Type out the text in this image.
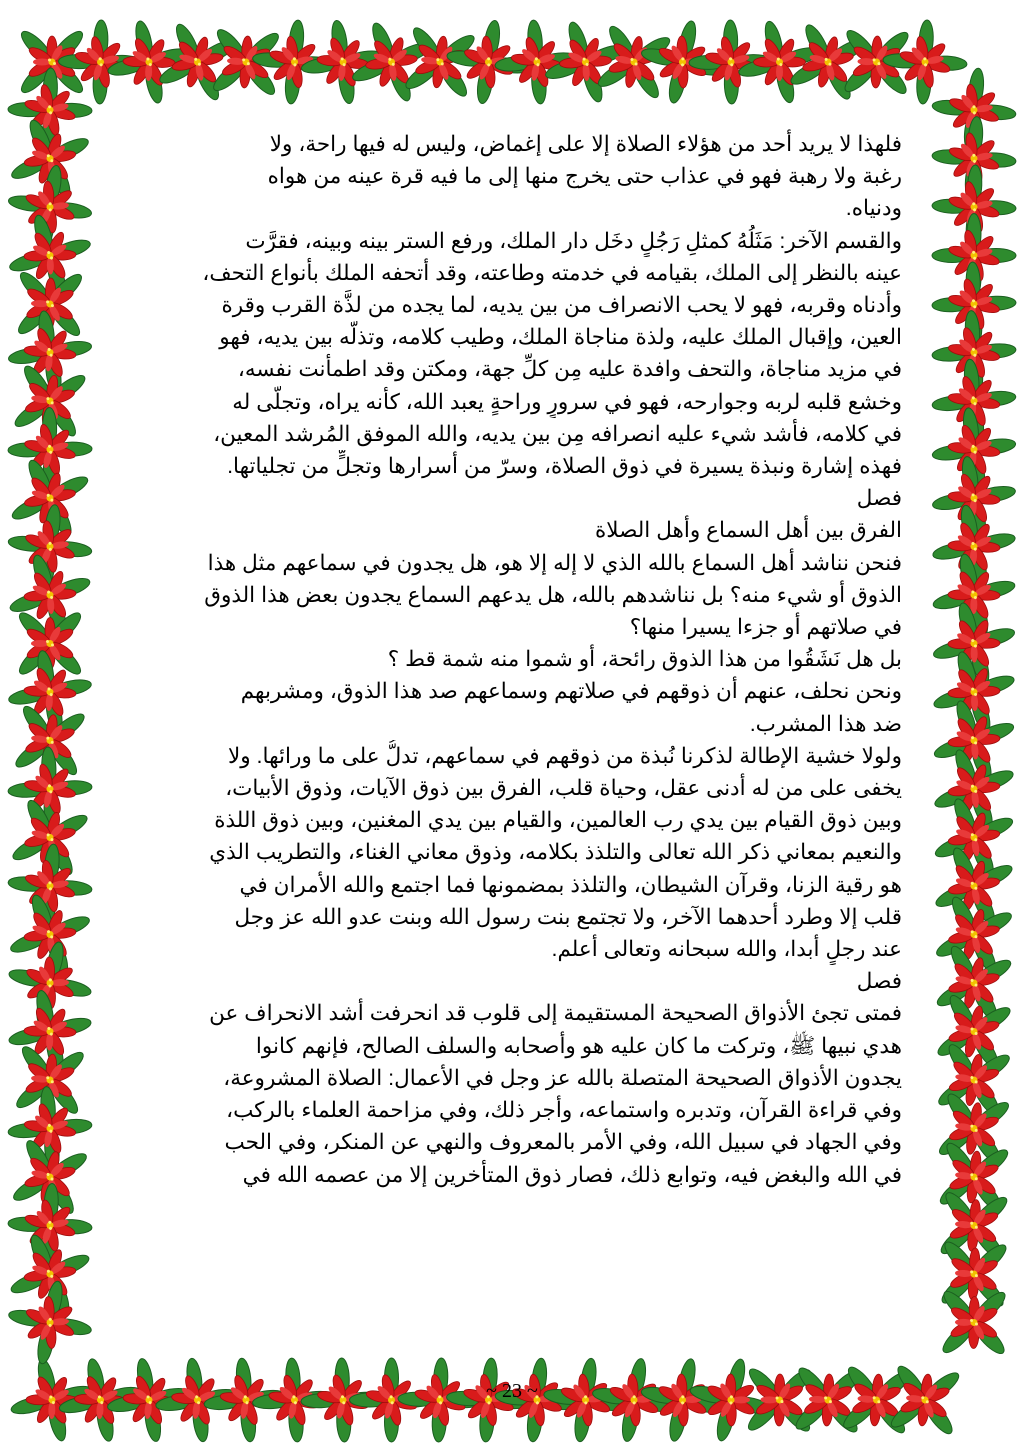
فلهذا لا يريد أحد من هؤلاء الصلاة إلا على إغماض، وليس له فيها راحة، ولا
رغبة ولا رهبة فهو في عذاب حتى يخرج منها إلى ما فيه قرة عينه من هواه
ودنياه.
والقسم الآخر: مَثَلُهُ كمثلِ رَجُلٍ دخَل دار الملك، ورفع الستر بينه وبينه، فقرَّت
عينه بالنظر إلى الملك، بقيامه في خدمته وطاعته، وقد أتحفه الملك بأنواع التحف،
وأدناه وقربه، فهو لا يحب الانصراف من بين يديه، لما يجده من لذَّة القرب وقرة
العين، وإقبال الملك عليه، ولذة مناجاة الملك، وطيب كلامه، وتذلُّه بين يديه، فهو
في مزيد مناجاة، والتحف وافدة عليه مِن كلِّ جهة، ومكتن وقد اطمأنت نفسه،
وخشع قلبه لربه وجوارحه، فهو في سرورٍ وراحةٍ يعبد الله، كأنه يراه، وتجلَّى له
في كلامه، فأشد شيء عليه انصرافه مِن بين يديه، والله الموفق المُرشد المعين،
فهذه إشارة ونبذة يسيرة في ذوق الصلاة، وسرّ من أسرارها وتجلٍّ من تجلياتها.
فصل
الفرق بين أهل السماع وأهل الصلاة
فنحن نناشد أهل السماع بالله الذي لا إله إلا هو، هل يجدون في سماعهم مثل هذا
الذوق أو شيء منه؟ بل نناشدهم بالله، هل يدعهم السماع يجدون بعض هذا الذوق
في صلاتهم أو جزءا يسيرا منها؟
بل هل نَشَقُوا من هذا الذوق رائحة، أو شموا منه شمة قط ؟
ونحن نحلف، عنهم أن ذوقهم في صلاتهم وسماعهم صد هذا الذوق، ومشربهم
ضد هذا المشرب.
ولولا خشية الإطالة لذكرنا نُبذة من ذوقهم في سماعهم، تدلُّ على ما ورائها. ولا
يخفى على من له أدنى عقل، وحياة قلب، الفرق بين ذوق الآيات، وذوق الأبيات،
وبين ذوق القيام بين يدي رب العالمين، والقيام بين يدي المغنين، وبين ذوق اللذة
والنعيم بمعاني ذكر الله تعالى والتلذذ بكلامه، وذوق معاني الغناء، والتطريب الذي
هو رقية الزنا، وقرآن الشيطان، والتلذذ بمضمونها فما اجتمع والله الأمران في
قلب إلا وطرد أحدهما الآخر، ولا تجتمع بنت رسول الله وبنت عدو الله عز وجل
عند رجلٍ أبدا، والله سبحانه وتعالى أعلم.
فصل
فمتى تجئ الأذواق الصحيحة المستقيمة إلى قلوب قد انحرفت أشد الانحراف عن
هدي نبيها ﷺ، وتركت ما كان عليه هو وأصحابه والسلف الصالح، فإنهم كانوا
يجدون الأذواق الصحيحة المتصلة بالله عز وجل في الأعمال: الصلاة المشروعة،
وفي قراءة القرآن، وتدبره واستماعه، وأجر ذلك، وفي مزاحمة العلماء بالركب،
وفي الجهاد في سبيل الله، وفي الأمر بالمعروف والنهي عن المنكر، وفي الحب
في الله والبغض فيه، وتوابع ذلك، فصار ذوق المتأخرين إلا من عصمه الله في
~ 23 ~
